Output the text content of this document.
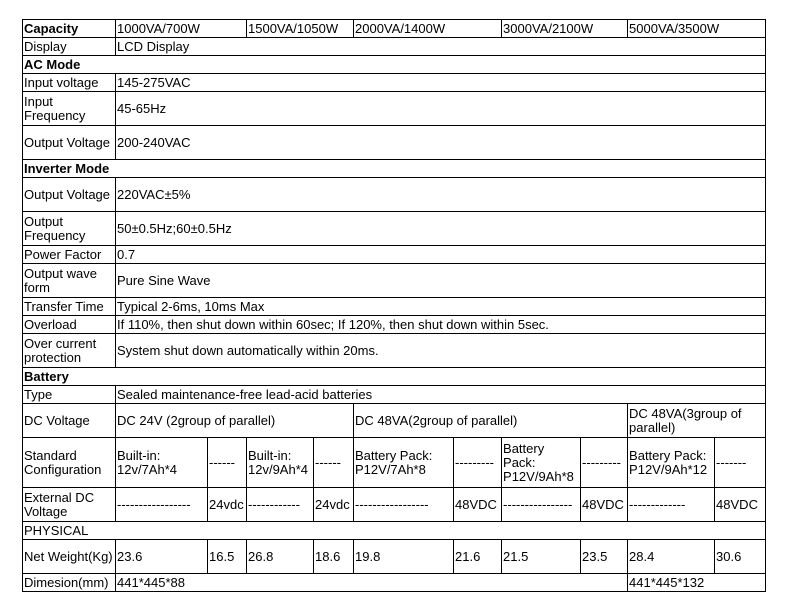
Capacity	1000VA/700W		1500VA/1050W		2000VA/1400W		3000VA/2100W		5000VA/3500W	
Display	LCD Display									
AC Mode										
Input voltage	145-275VAC									
Input Frequency	45-65Hz									
Output Voltage	200-240VAC									
Inverter Mode										
Output Voltage	220VAC±5%									
Output Frequency	50±0.5Hz;60±0.5Hz									
Power Factor	0.7									
Output wave form	Pure Sine Wave									
Transfer Time	Typical 2-6ms, 10ms Max									
Overload	If 110%, then shut down within 60sec; If 120%, then shut down within 5sec.									
Over current protection	System shut down automatically within 20ms.									
Battery										
Type	Sealed maintenance-free lead-acid batteries									
DC Voltage	DC 24V (2group of parallel)				DC 48VA(2group of parallel)				DC 48VA(3group of parallel)	
Standard Configuration	Built-in: 12v/7Ah*4	------	Built-in: 12v/9Ah*4	------	Battery Pack: P12V/7Ah*8	---------	Battery Pack: P12V/9Ah*8	---------	Battery Pack: P12V/9Ah*12	-------
External DC Voltage	-----------------	24vdc	------------	24vdc	-----------------	48VDC	----------------	48VDC	-------------	48VDC
PHYSICAL										
Net Weight(Kg)	23.6	16.5	26.8	18.6	19.8	21.6	21.5	23.5	28.4	30.6
Dimesion(mm)	441*445*88								441*445*132	
